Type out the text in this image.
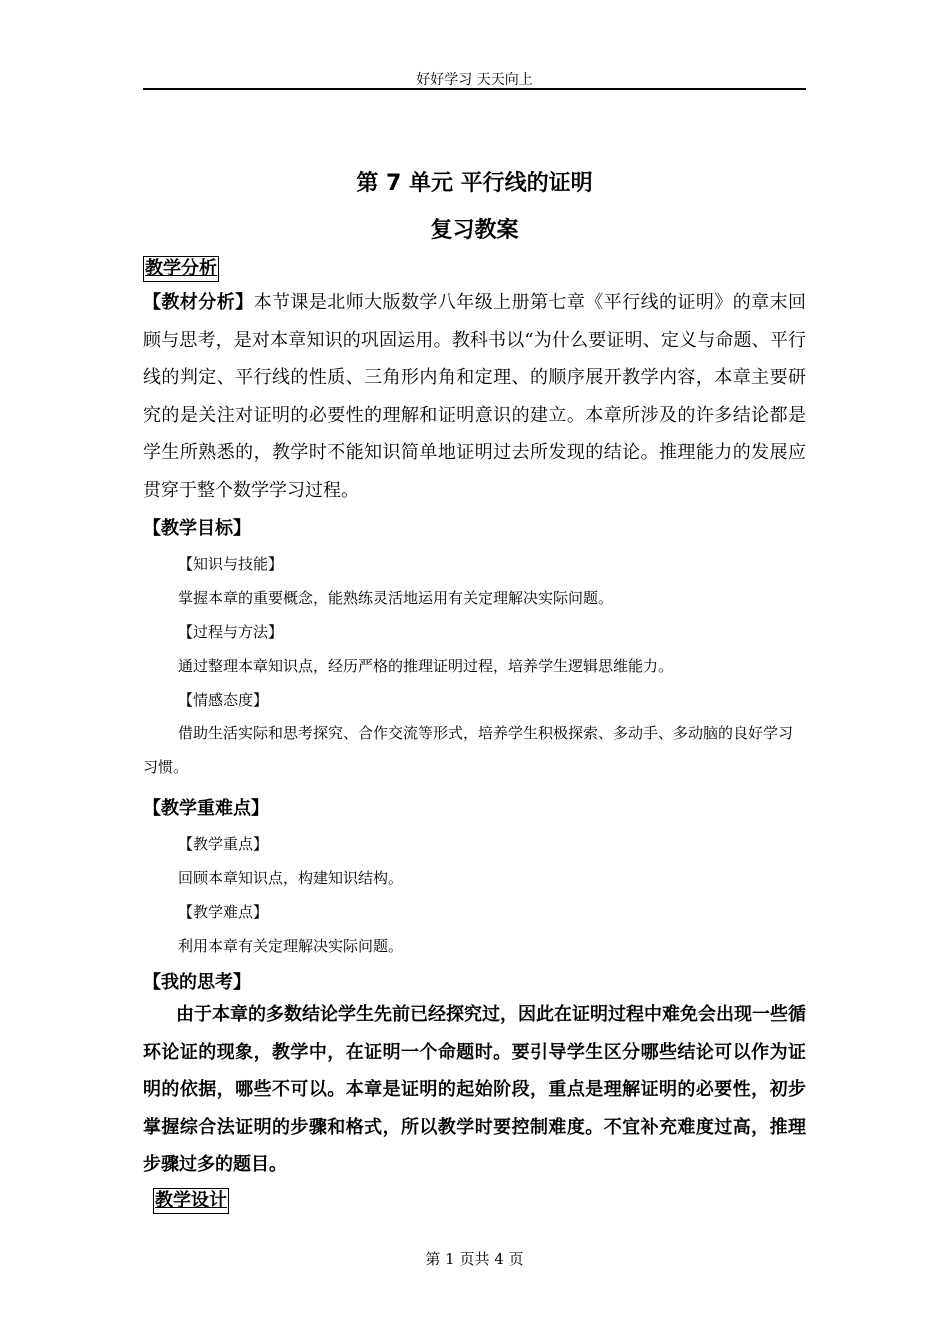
好好学习 天天向上
第 7 单元 平行线的证明
复习教案
教学分析
【教材分析】本节课是北师大版数学八年级上册第七章《平行线的证明》的章末回顾与思考，是对本章知识的巩固运用。教科书以“为什么要证明、定义与命题、平行线的判定、平行线的性质、三角形内角和定理、的顺序展开教学内容，本章主要研究的是关注对证明的必要性的理解和证明意识的建立。本章所涉及的许多结论都是学生所熟悉的，教学时不能知识简单地证明过去所发现的结论。推理能力的发展应贯穿于整个数学学习过程。
【教学目标】
【知识与技能】
掌握本章的重要概念，能熟练灵活地运用有关定理解决实际问题。
【过程与方法】
通过整理本章知识点，经历严格的推理证明过程，培养学生逻辑思维能力。
【情感态度】
借助生活实际和思考探究、合作交流等形式，培养学生积极探索、多动手、多动脑的良好学习习惯。
【教学重难点】
【教学重点】
回顾本章知识点，构建知识结构。
【教学难点】
利用本章有关定理解决实际问题。
【我的思考】
由于本章的多数结论学生先前已经探究过，因此在证明过程中难免会出现一些循环论证的现象，教学中，在证明一个命题时。要引导学生区分哪些结论可以作为证明的依据，哪些不可以。本章是证明的起始阶段，重点是理解证明的必要性，初步掌握综合法证明的步骤和格式，所以教学时要控制难度。不宜补充难度过高，推理步骤过多的题目。
教学设计
第 1 页共 4 页
